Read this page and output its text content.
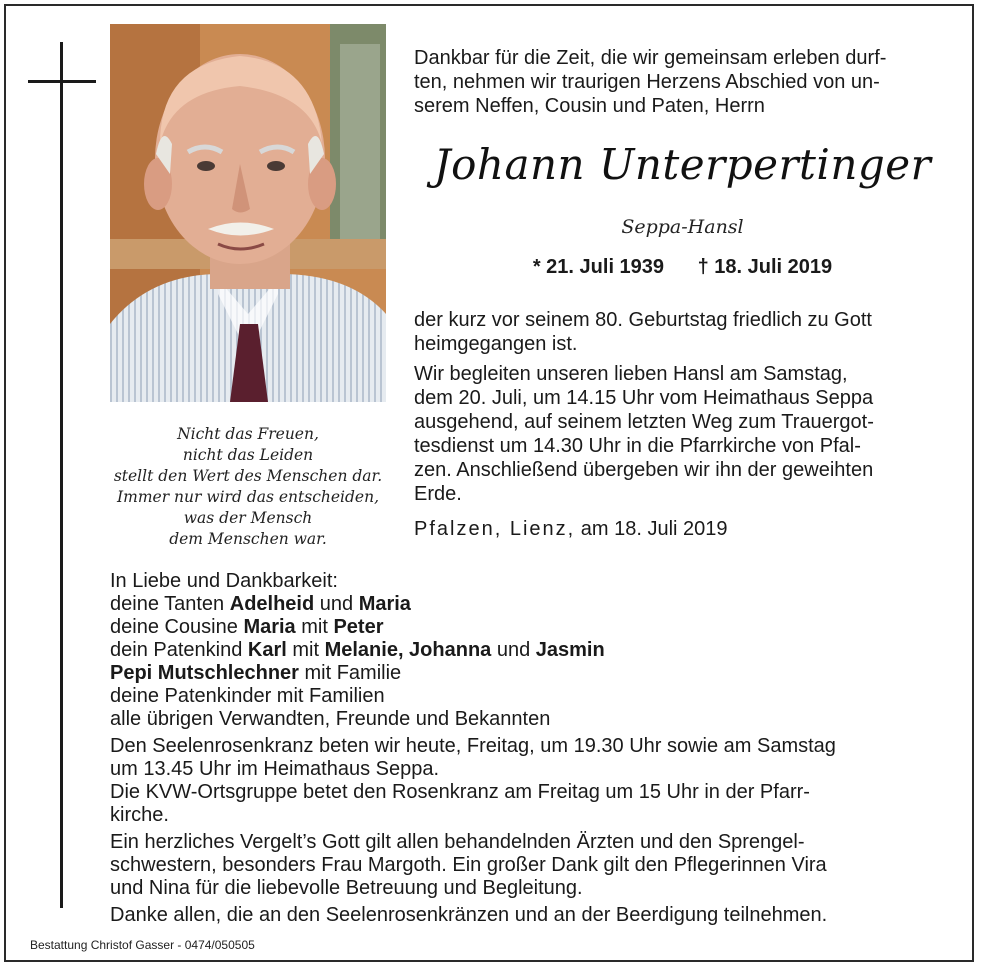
Nicht das Freuen,
nicht das Leiden
stellt den Wert des Menschen dar.
Immer nur wird das entscheiden,
was der Mensch
dem Menschen war.
Dankbar für die Zeit, die wir gemeinsam erleben durf-
ten, nehmen wir traurigen Herzens Abschied von un-
serem Neffen, Cousin und Paten, Herrn
Johann Unterpertinger
Seppa-Hansl
* 21. Juli 1939 † 18. Juli 2019
der kurz vor seinem 80. Geburtstag friedlich zu Gott
heimgegangen ist.
Wir begleiten unseren lieben Hansl am Samstag,
dem 20. Juli, um 14.15 Uhr vom Heimathaus Seppa
ausgehend, auf seinem letzten Weg zum Trauergot-
tesdienst um 14.30 Uhr in die Pfarrkirche von Pfal-
zen. Anschließend übergeben wir ihn der geweihten
Erde.
Pfalzen, Lienz, am 18. Juli 2019
In Liebe und Dankbarkeit:
deine Tanten Adelheid und Maria
deine Cousine Maria mit Peter
dein Patenkind Karl mit Melanie, Johanna und Jasmin
Pepi Mutschlechner mit Familie
deine Patenkinder mit Familien
alle übrigen Verwandten, Freunde und Bekannten
Den Seelenrosenkranz beten wir heute, Freitag, um 19.30 Uhr sowie am Samstag
um 13.45 Uhr im Heimathaus Seppa.
Die KVW-Ortsgruppe betet den Rosenkranz am Freitag um 15 Uhr in der Pfarr-
kirche.
Ein herzliches Vergelt’s Gott gilt allen behandelnden Ärzten und den Sprengel-
schwestern, besonders Frau Margoth. Ein großer Dank gilt den Pflegerinnen Vira
und Nina für die liebevolle Betreuung und Begleitung.
Danke allen, die an den Seelenrosenkränzen und an der Beerdigung teilnehmen.
Bestattung Christof Gasser - 0474/050505
